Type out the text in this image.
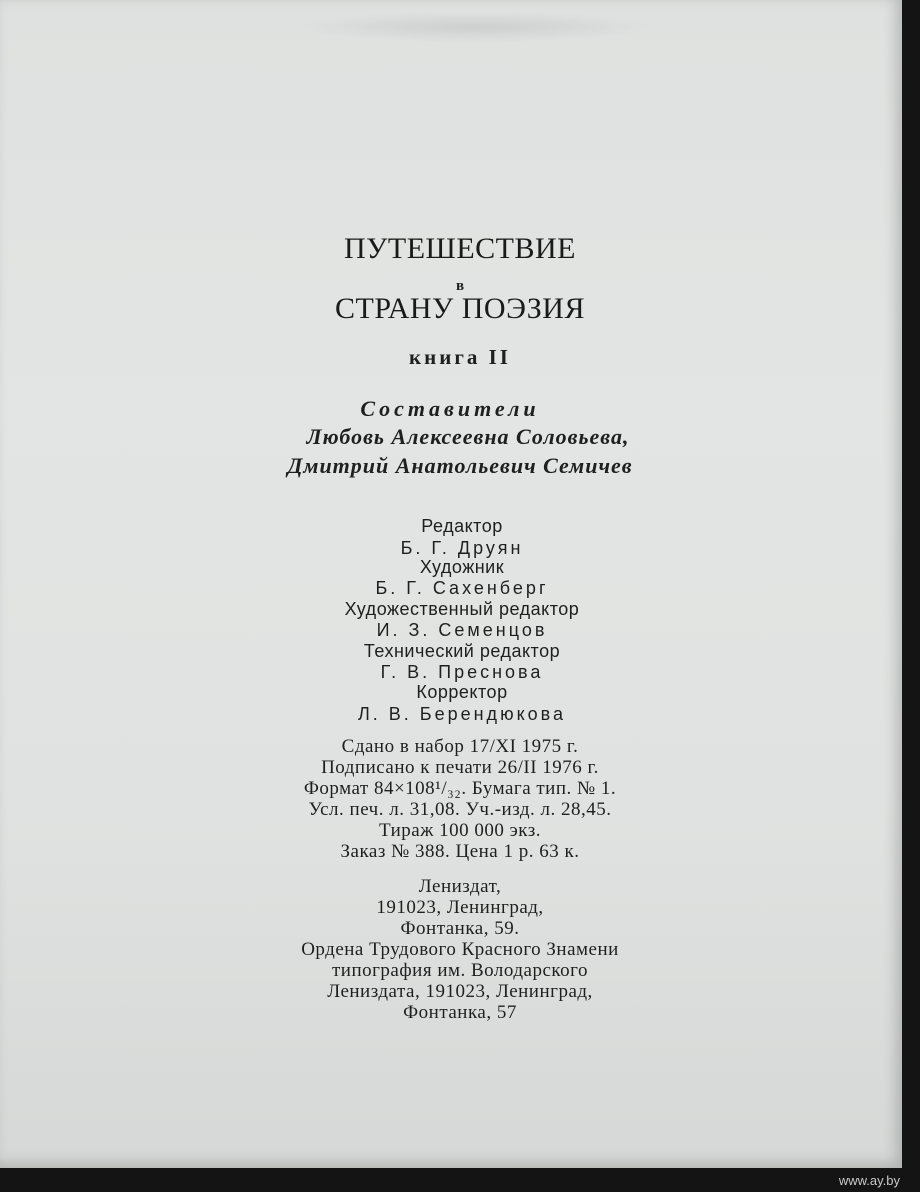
ПУТЕШЕСТВИЕ
в
СТРАНУ ПОЭЗИЯ
книга II
Составители
Любовь Алексеевна Соловьева,
Дмитрий Анатольевич Семичев
Редактор
Б. Г. Друян
Художник
Б. Г. Сахенберг
Художественный редактор
И. З. Семенцов
Технический редактор
Г. В. Преснова
Корректор
Л. В. Берендюкова
Сдано в набор 17/XI 1975 г.
Подписано к печати 26/II 1976 г.
Формат 84×108¹/₃₂. Бумага тип. № 1.
Усл. печ. л. 31,08. Уч.-изд. л. 28,45.
Тираж 100 000 экз.
Заказ № 388. Цена 1 р. 63 к.
Лениздат,
191023, Ленинград,
Фонтанка, 59.
Ордена Трудового Красного Знамени
типография им. Володарского
Лениздата, 191023, Ленинград,
Фонтанка, 57
www.ay.by
